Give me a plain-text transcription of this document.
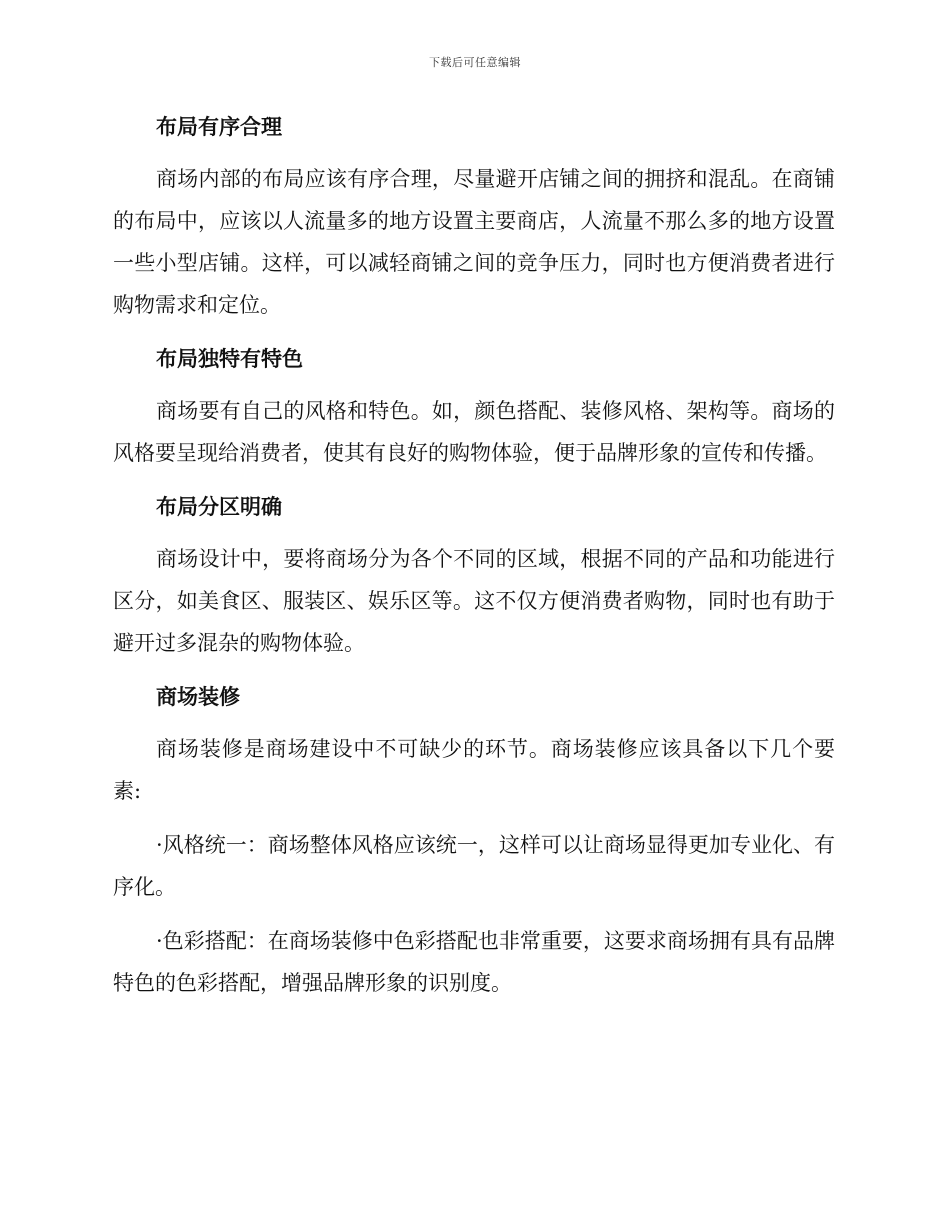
下载后可任意编辑
布局有序合理

商场内部的布局应该有序合理，尽量避开店铺之间的拥挤和混乱。在商铺的布局中，应该以人流量多的地方设置主要商店，人流量不那么多的地方设置一些小型店铺。这样，可以减轻商铺之间的竞争压力，同时也方便消费者进行购物需求和定位。

布局独特有特色

商场要有自己的风格和特色。如，颜色搭配、装修风格、架构等。商场的风格要呈现给消费者，使其有良好的购物体验，便于品牌形象的宣传和传播。

布局分区明确

商场设计中，要将商场分为各个不同的区域，根据不同的产品和功能进行区分，如美食区、服装区、娱乐区等。这不仅方便消费者购物，同时也有助于避开过多混杂的购物体验。

商场装修

商场装修是商场建设中不可缺少的环节。商场装修应该具备以下几个要素:

·风格统一：商场整体风格应该统一，这样可以让商场显得更加专业化、有序化。

·色彩搭配：在商场装修中色彩搭配也非常重要，这要求商场拥有具有品牌特色的色彩搭配，增强品牌形象的识别度。
